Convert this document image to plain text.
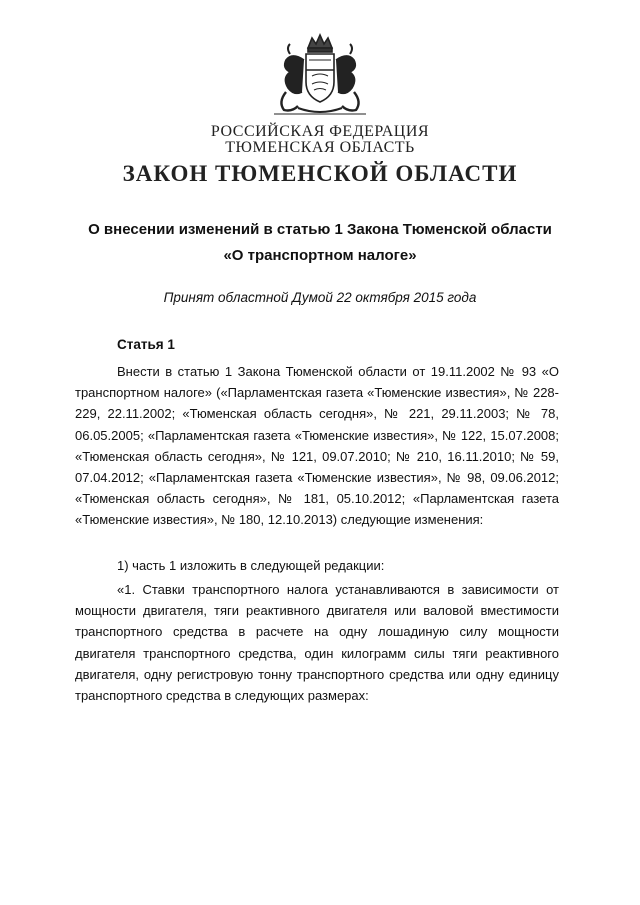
РОССИЙСКАЯ ФЕДЕРАЦИЯ
ТЮМЕНСКАЯ ОБЛАСТЬ
ЗАКОН ТЮМЕНСКОЙ ОБЛАСТИ
О внесении изменений в статью 1 Закона Тюменской области
«О транспортном налоге»
Принят областной Думой 22 октября 2015 года
Статья 1

Внести в статью 1 Закона Тюменской области от 19.11.2002 № 93 «О транспортном налоге» («Парламентская газета «Тюменские известия», № 228-229, 22.11.2002; «Тюменская область сегодня», № 221, 29.11.2003; № 78, 06.05.2005; «Парламентская газета «Тюменские известия», № 122, 15.07.2008; «Тюменская область сегодня», № 121, 09.07.2010; № 210, 16.11.2010; № 59, 07.04.2012; «Парламентская газета «Тюменские известия», № 98, 09.06.2012; «Тюменская область сегодня», № 181, 05.10.2012; «Парламентская газета «Тюменские известия», № 180, 12.10.2013) следующие изменения:

1) часть 1 изложить в следующей редакции:

«1. Ставки транспортного налога устанавливаются в зависимости от мощности двигателя, тяги реактивного двигателя или валовой вместимости транспортного средства в расчете на одну лошадиную силу мощности двигателя транспортного средства, один килограмм силы тяги реактивного двигателя, одну регистровую тонну транспортного средства или одну единицу транспортного средства в следующих размерах:
